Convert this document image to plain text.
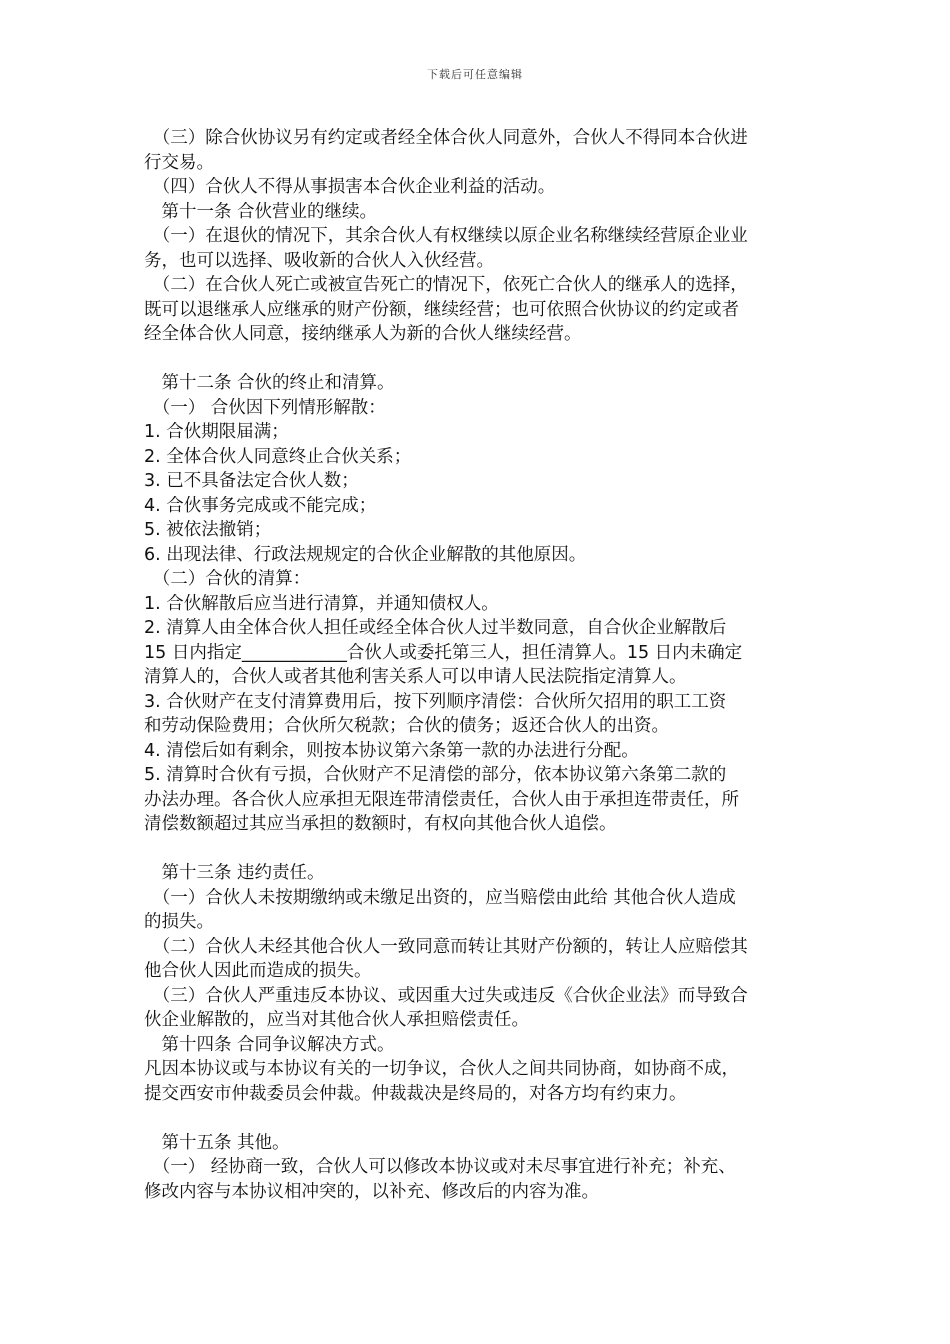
下载后可任意编辑
　（三）除合伙协议另有约定或者经全体合伙人同意外，合伙人不得同本合伙进
行交易。
　（四）合伙人不得从事损害本合伙企业利益的活动。
　第十一条 合伙营业的继续。
　（一）在退伙的情况下，其余合伙人有权继续以原企业名称继续经营原企业业
务，也可以选择、吸收新的合伙人入伙经营。
　（二）在合伙人死亡或被宣告死亡的情况下，依死亡合伙人的继承人的选择，
既可以退继承人应继承的财产份额，继续经营；也可依照合伙协议的约定或者
经全体合伙人同意，接纳继承人为新的合伙人继续经营。
　第十二条 合伙的终止和清算。
　（一） 合伙因下列情形解散：
1. 合伙期限届满；
2. 全体合伙人同意终止合伙关系；
3. 已不具备法定合伙人数；
4. 合伙事务完成或不能完成；
5. 被依法撤销；
6. 出现法律、行政法规规定的合伙企业解散的其他原因。
　（二）合伙的清算：
1. 合伙解散后应当进行清算，并通知债权人。
2. 清算人由全体合伙人担任或经全体合伙人过半数同意，自合伙企业解散后
15 日内指定____________合伙人或委托第三人，担任清算人。15 日内未确定
清算人的，合伙人或者其他利害关系人可以申请人民法院指定清算人。
3. 合伙财产在支付清算费用后，按下列顺序清偿：合伙所欠招用的职工工资
和劳动保险费用；合伙所欠税款；合伙的债务；返还合伙人的出资。
4. 清偿后如有剩余，则按本协议第六条第一款的办法进行分配。
5. 清算时合伙有亏损，合伙财产不足清偿的部分，依本协议第六条第二款的
办法办理。各合伙人应承担无限连带清偿责任，合伙人由于承担连带责任，所
清偿数额超过其应当承担的数额时，有权向其他合伙人追偿。
　第十三条 违约责任。
　（一）合伙人未按期缴纳或未缴足出资的，应当赔偿由此给 其他合伙人造成
的损失。
　（二）合伙人未经其他合伙人一致同意而转让其财产份额的，转让人应赔偿其
他合伙人因此而造成的损失。
　（三）合伙人严重违反本协议、或因重大过失或违反《合伙企业法》而导致合
伙企业解散的，应当对其他合伙人承担赔偿责任。
　第十四条 合同争议解决方式。
凡因本协议或与本协议有关的一切争议，合伙人之间共同协商，如协商不成，
提交西安市仲裁委员会仲裁。仲裁裁决是终局的，对各方均有约束力。
　第十五条 其他。
　（一） 经协商一致，合伙人可以修改本协议或对未尽事宜进行补充；补充、
修改内容与本协议相冲突的，以补充、修改后的内容为准。
